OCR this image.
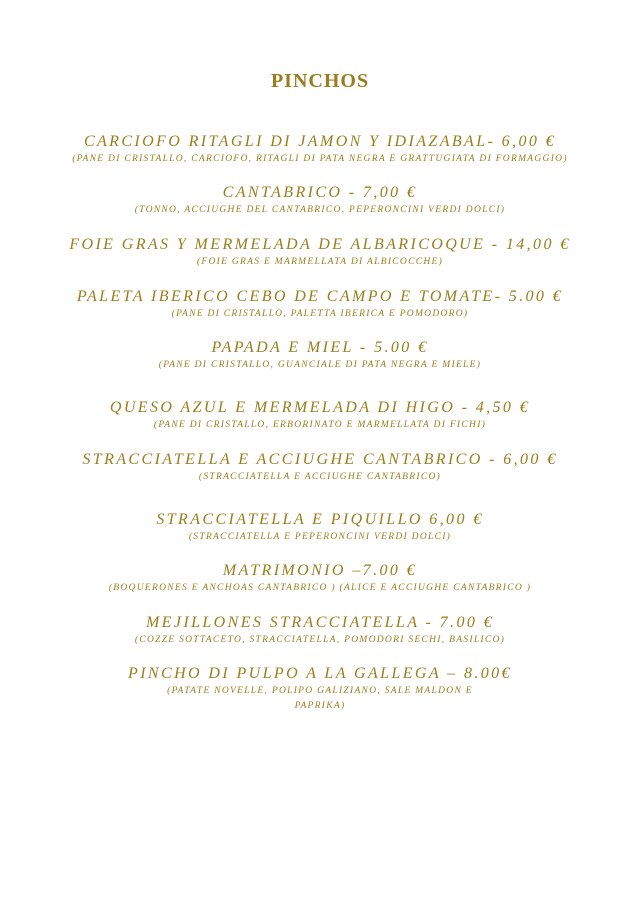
PINCHOS
CARCIOFO RITAGLI DI JAMON Y IDIAZABAL- 6,00 €
(PANE DI CRISTALLO, CARCIOFO, RITAGLI DI PATA NEGRA E GRATTUGIATA DI FORMAGGIO)
CANTABRICO - 7,00 €
(TONNO, ACCIUGHE DEL CANTABRICO, PEPERONCINI VERDI DOLCI)
FOIE GRAS Y MERMELADA DE ALBARICOQUE - 14,00 €
(FOIE GRAS E MARMELLATA DI ALBICOCCHE)
PALETA IBERICO CEBO DE CAMPO E TOMATE- 5.00 €
(PANE DI CRISTALLO, PALETTA IBERICA E POMODORO)
PAPADA E MIEL - 5.00 €
(PANE DI CRISTALLO, GUANCIALE DI PATA NEGRA E MIELE)
QUESO AZUL E MERMELADA DI HIGO - 4,50 €
(PANE DI CRISTALLO, ERBORINATO E MARMELLATA DI FICHI)
STRACCIATELLA E ACCIUGHE CANTABRICO - 6,00 €
(STRACCIATELLA E ACCIUGHE CANTABRICO)
STRACCIATELLA E PIQUILLO 6,00 €
(STRACCIATELLA E PEPERONCINI VERDI DOLCI)
MATRIMONIO –7.00 €
(BOQUERONES E ANCHOAS CANTABRICO ) (ALICE E ACCIUGHE CANTABRICO )
MEJILLONES STRACCIATELLA - 7.00 €
(COZZE SOTTACETO, STRACCIATELLA, POMODORI SECHI, BASILICO)
PINCHO DI PULPO A LA GALLEGA – 8.00€
(PATATE NOVELLE, POLIPO GALIZIANO, SALE MALDON E PAPRIKA)
